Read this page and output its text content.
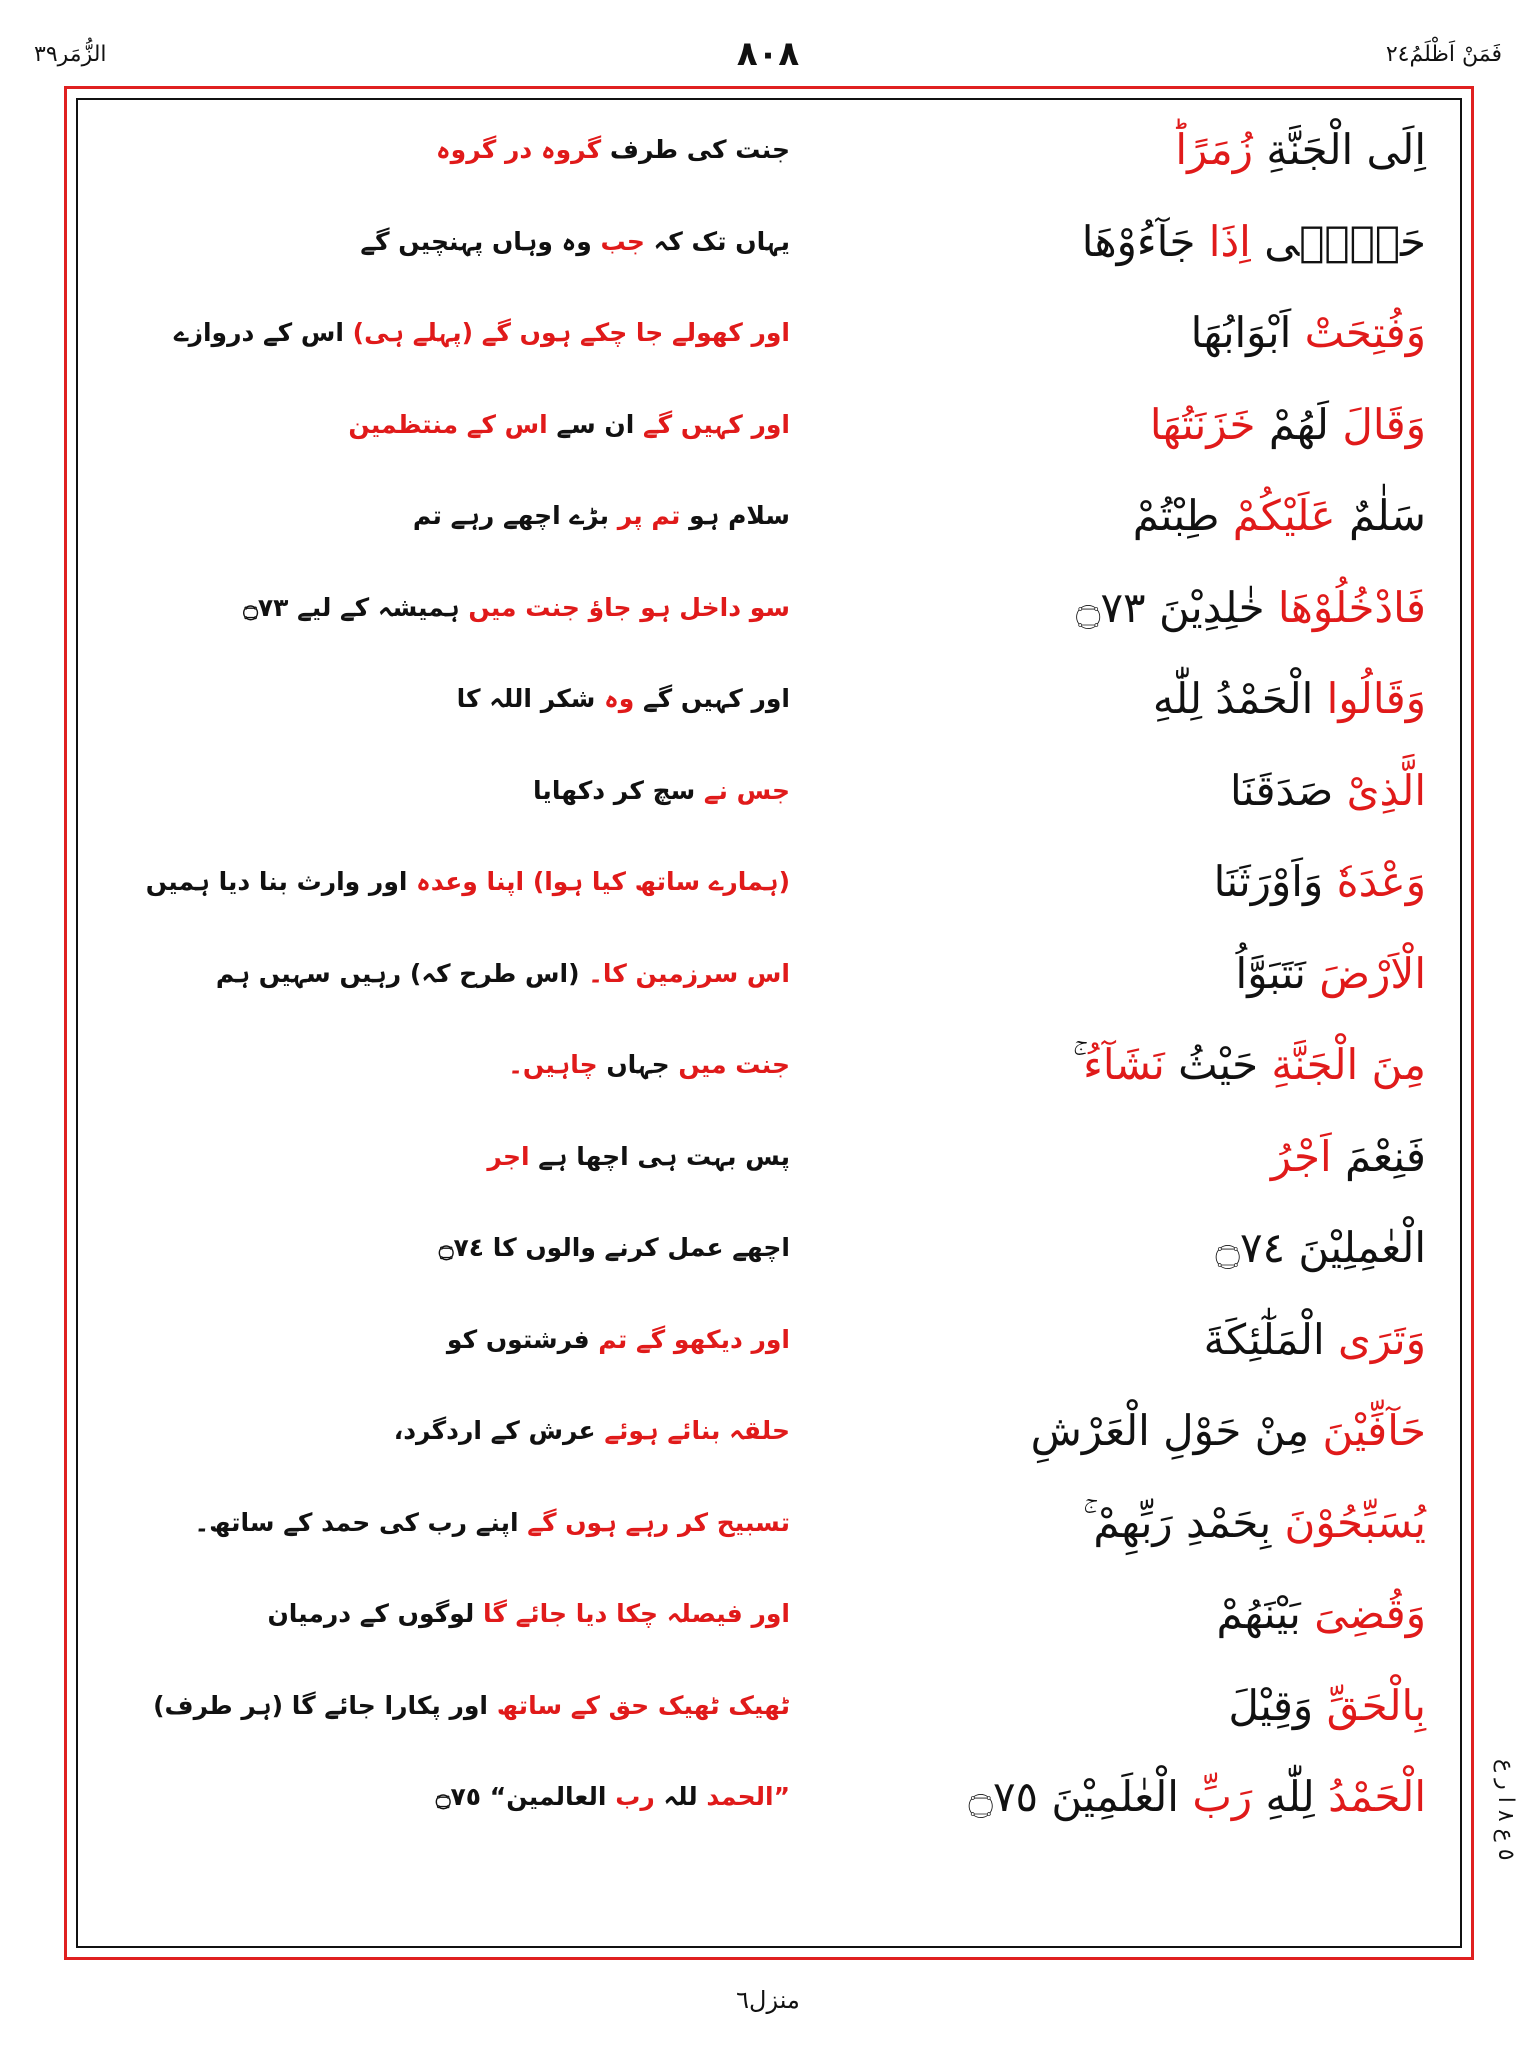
الزُّمَر٣٩	٨٠٨	فَمَنْ اَظْلَمُ٢٤
اِلَى الْجَنَّةِ زُمَرًا
جنت کی طرف گروہ در گروہ
حَتّٰۤى اِذَا جَآءُوْهَا
یہاں تک کہ جب وہ وہاں پہنچیں گے
وَفُتِحَتْ اَبْوَابُهَا
اور کھولے جا چکے ہوں گے (پہلے ہی) اس کے دروازے
وَقَالَ لَهُمْ خَزَنَتُهَا
اور کہیں گے ان سے اس کے منتظمین
سَلٰمٌ عَلَيْكُمْ طِبْتُمْ
سلام ہو تم پر بڑے اچھے رہے تم
فَادْخُلُوْهَا خٰلِدِيْنَ ۝٧٣
سو داخل ہو جاؤ جنت میں ہمیشہ کے لیے ۝٧٣
وَقَالُوا الْحَمْدُ لِلّٰهِ
اور کہیں گے وہ شکر اللہ کا
الَّذِىْ صَدَقَنَا
جس نے سچ کر دکھایا
وَعْدَهٗ وَاَوْرَثَنَا
(ہمارے ساتھ کیا ہوا) اپنا وعدہ اور وارث بنا دیا ہمیں
الْاَرْضَ نَتَبَوَّاُ
اس سرزمین کا۔ (اس طرح کہ) رہیں سہیں ہم
مِنَ الْجَنَّةِ حَيْثُ نَشَآءُ ۚ
جنت میں جہاں چاہیں۔
فَنِعْمَ اَجْرُ
پس بہت ہی اچھا ہے اجر
الْعٰمِلِيْنَ ۝٧٤
اچھے عمل کرنے والوں کا ۝٧٤
وَتَرَى الْمَلٰٓئِكَةَ
اور دیکھو گے تم فرشتوں کو
حَآفِّيْنَ مِنْ حَوْلِ الْعَرْشِ
حلقہ بنائے ہوئے عرش کے اردگرد،
يُسَبِّحُوْنَ بِحَمْدِ رَبِّهِمْ ۚ
تسبیح کر رہے ہوں گے اپنے رب کی حمد کے ساتھ۔
وَقُضِىَ بَيْنَهُمْ
اور فیصلہ چکا دیا جائے گا لوگوں کے درمیان
بِالْحَقِّ وَقِيْلَ
ٹھیک ٹھیک حق کے ساتھ اور پکارا جائے گا (ہر طرف)
الْحَمْدُ لِلّٰهِ رَبِّ الْعٰلَمِيْنَ ۝٧٥
”الحمد للہ رب العالمین“ ۝٧٥	٥ ع ٨ ا ر ع
منزل٦
